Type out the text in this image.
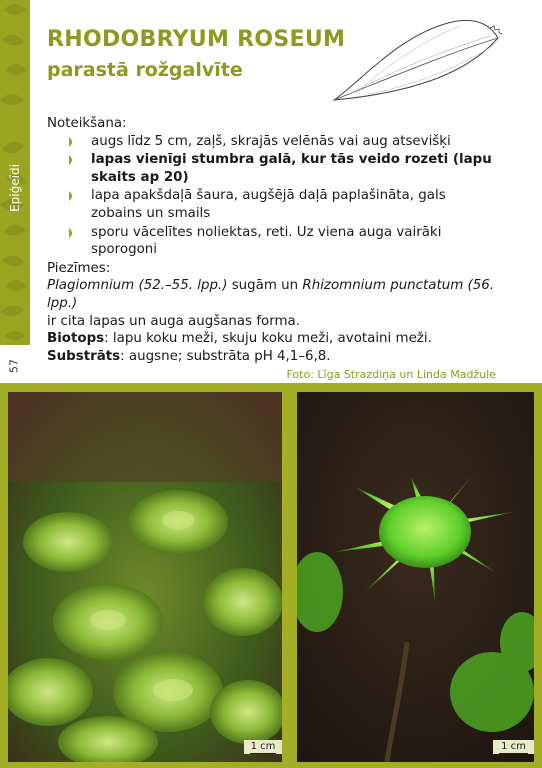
Epiģeīdi
57
RHODOBRYUM ROSEUM
parastā rožgalvīte

Noteikšana:

augs līdz 5 cm, zaļš, skrajās velēnās vai aug atsevišķi
lapas vienīgi stumbra galā, kur tās veido rozeti (lapu skaits ap 20)
lapa apakšdaļā šaura, augšējā daļā paplašināta, gals zobains un smails
sporu vācelītes noliektas, reti. Uz viena auga vairāki sporogoni

Piezīmes:

Plagiomnium (52.–55. lpp.) sugām un Rhizomnium punctatum (56. lpp.)
ir cita lapas un auga augšanas forma.

Biotops: lapu koku meži, skuju koku meži, avotaini meži. Substrāts: augsne; substrāta pH 4,1–6,8.

Foto: Līga Strazdiņa un Linda Madžule
1 cm	1 cm
